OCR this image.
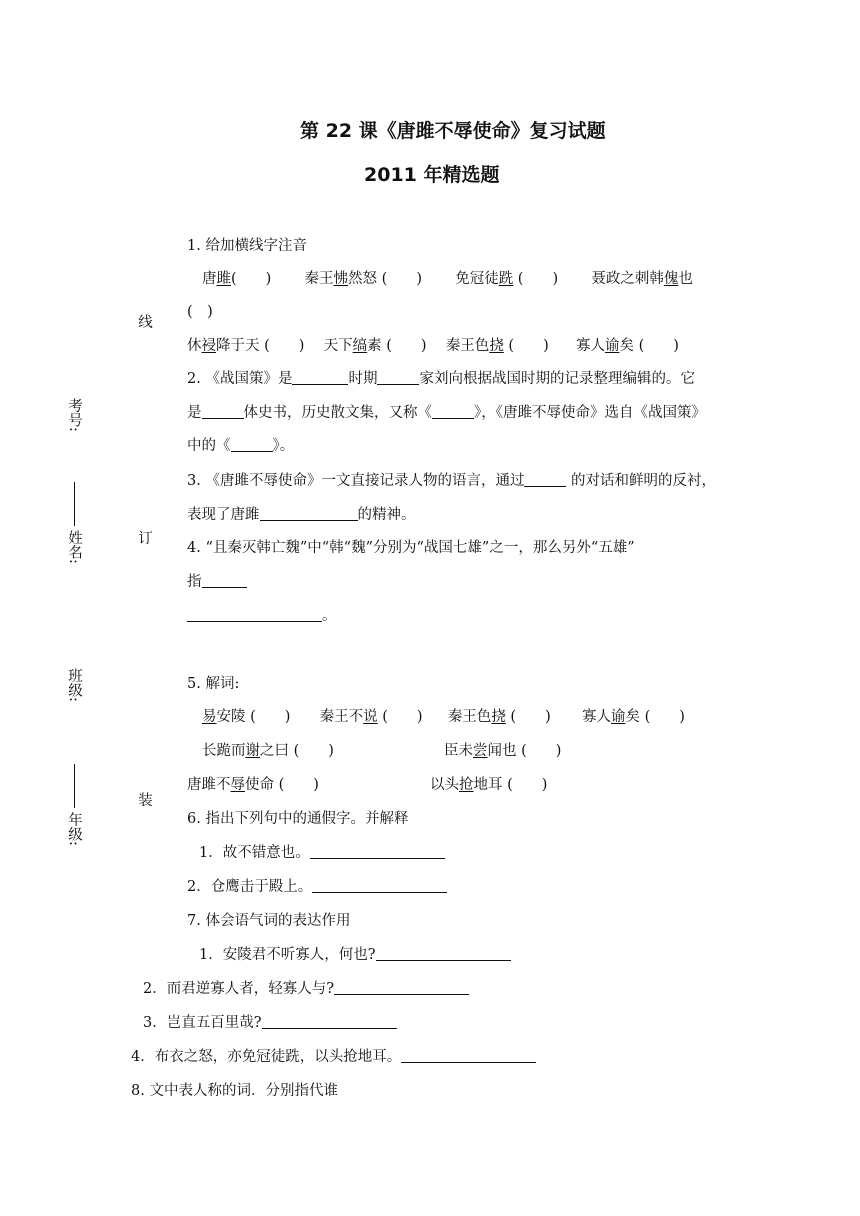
第 22 课《唐雎不辱使命》复习试题
2011 年精选题
考号:
姓名:
班级:
年级:
线
订
装
1. 给加横线字注音
唐雎(　　) 秦王怫然怒 (　　) 免冠徒跣 (　　) 聂政之刺韩傀也
(　)
休祲降于天 (　　) 天下缟素 (　　) 秦王色挠 (　　) 寡人谕矣 (　　)
2. 《战国策》是	时期	家刘向根据战国时期的记录整理编辑的。它
是	体史书，历史散文集，又称《	》，《唐雎不辱使命》选自《战国策》
中的《	》。
3. 《唐雎不辱使命》一文直接记录人物的语言，通过	的对话和鲜明的反衬，
表现了唐雎	的精神。
4. “且秦灭韩亡魏”中“韩“魏”分别为“战国七雄”之一，那么另外“五雄”
指
。
5. 解词:
易安陵 (　　) 秦王不说 (　　) 秦王色挠 (　　) 寡人谕矣 (　　)
长跪而谢之曰 (　　)	臣未尝闻也 (　　)
唐雎不辱使命 (　　)	以头抢地耳 (　　)
6. 指出下列句中的通假字。并解释
1．故不错意也。
2．仓鹰击于殿上。
7. 体会语气词的表达作用
1．安陵君不听寡人，何也?
2．而君逆寡人者，轻寡人与?
3．岂直五百里哉?
4．布衣之怒，亦免冠徒跣，以头抢地耳。
8. 文中表人称的词．分别指代谁
